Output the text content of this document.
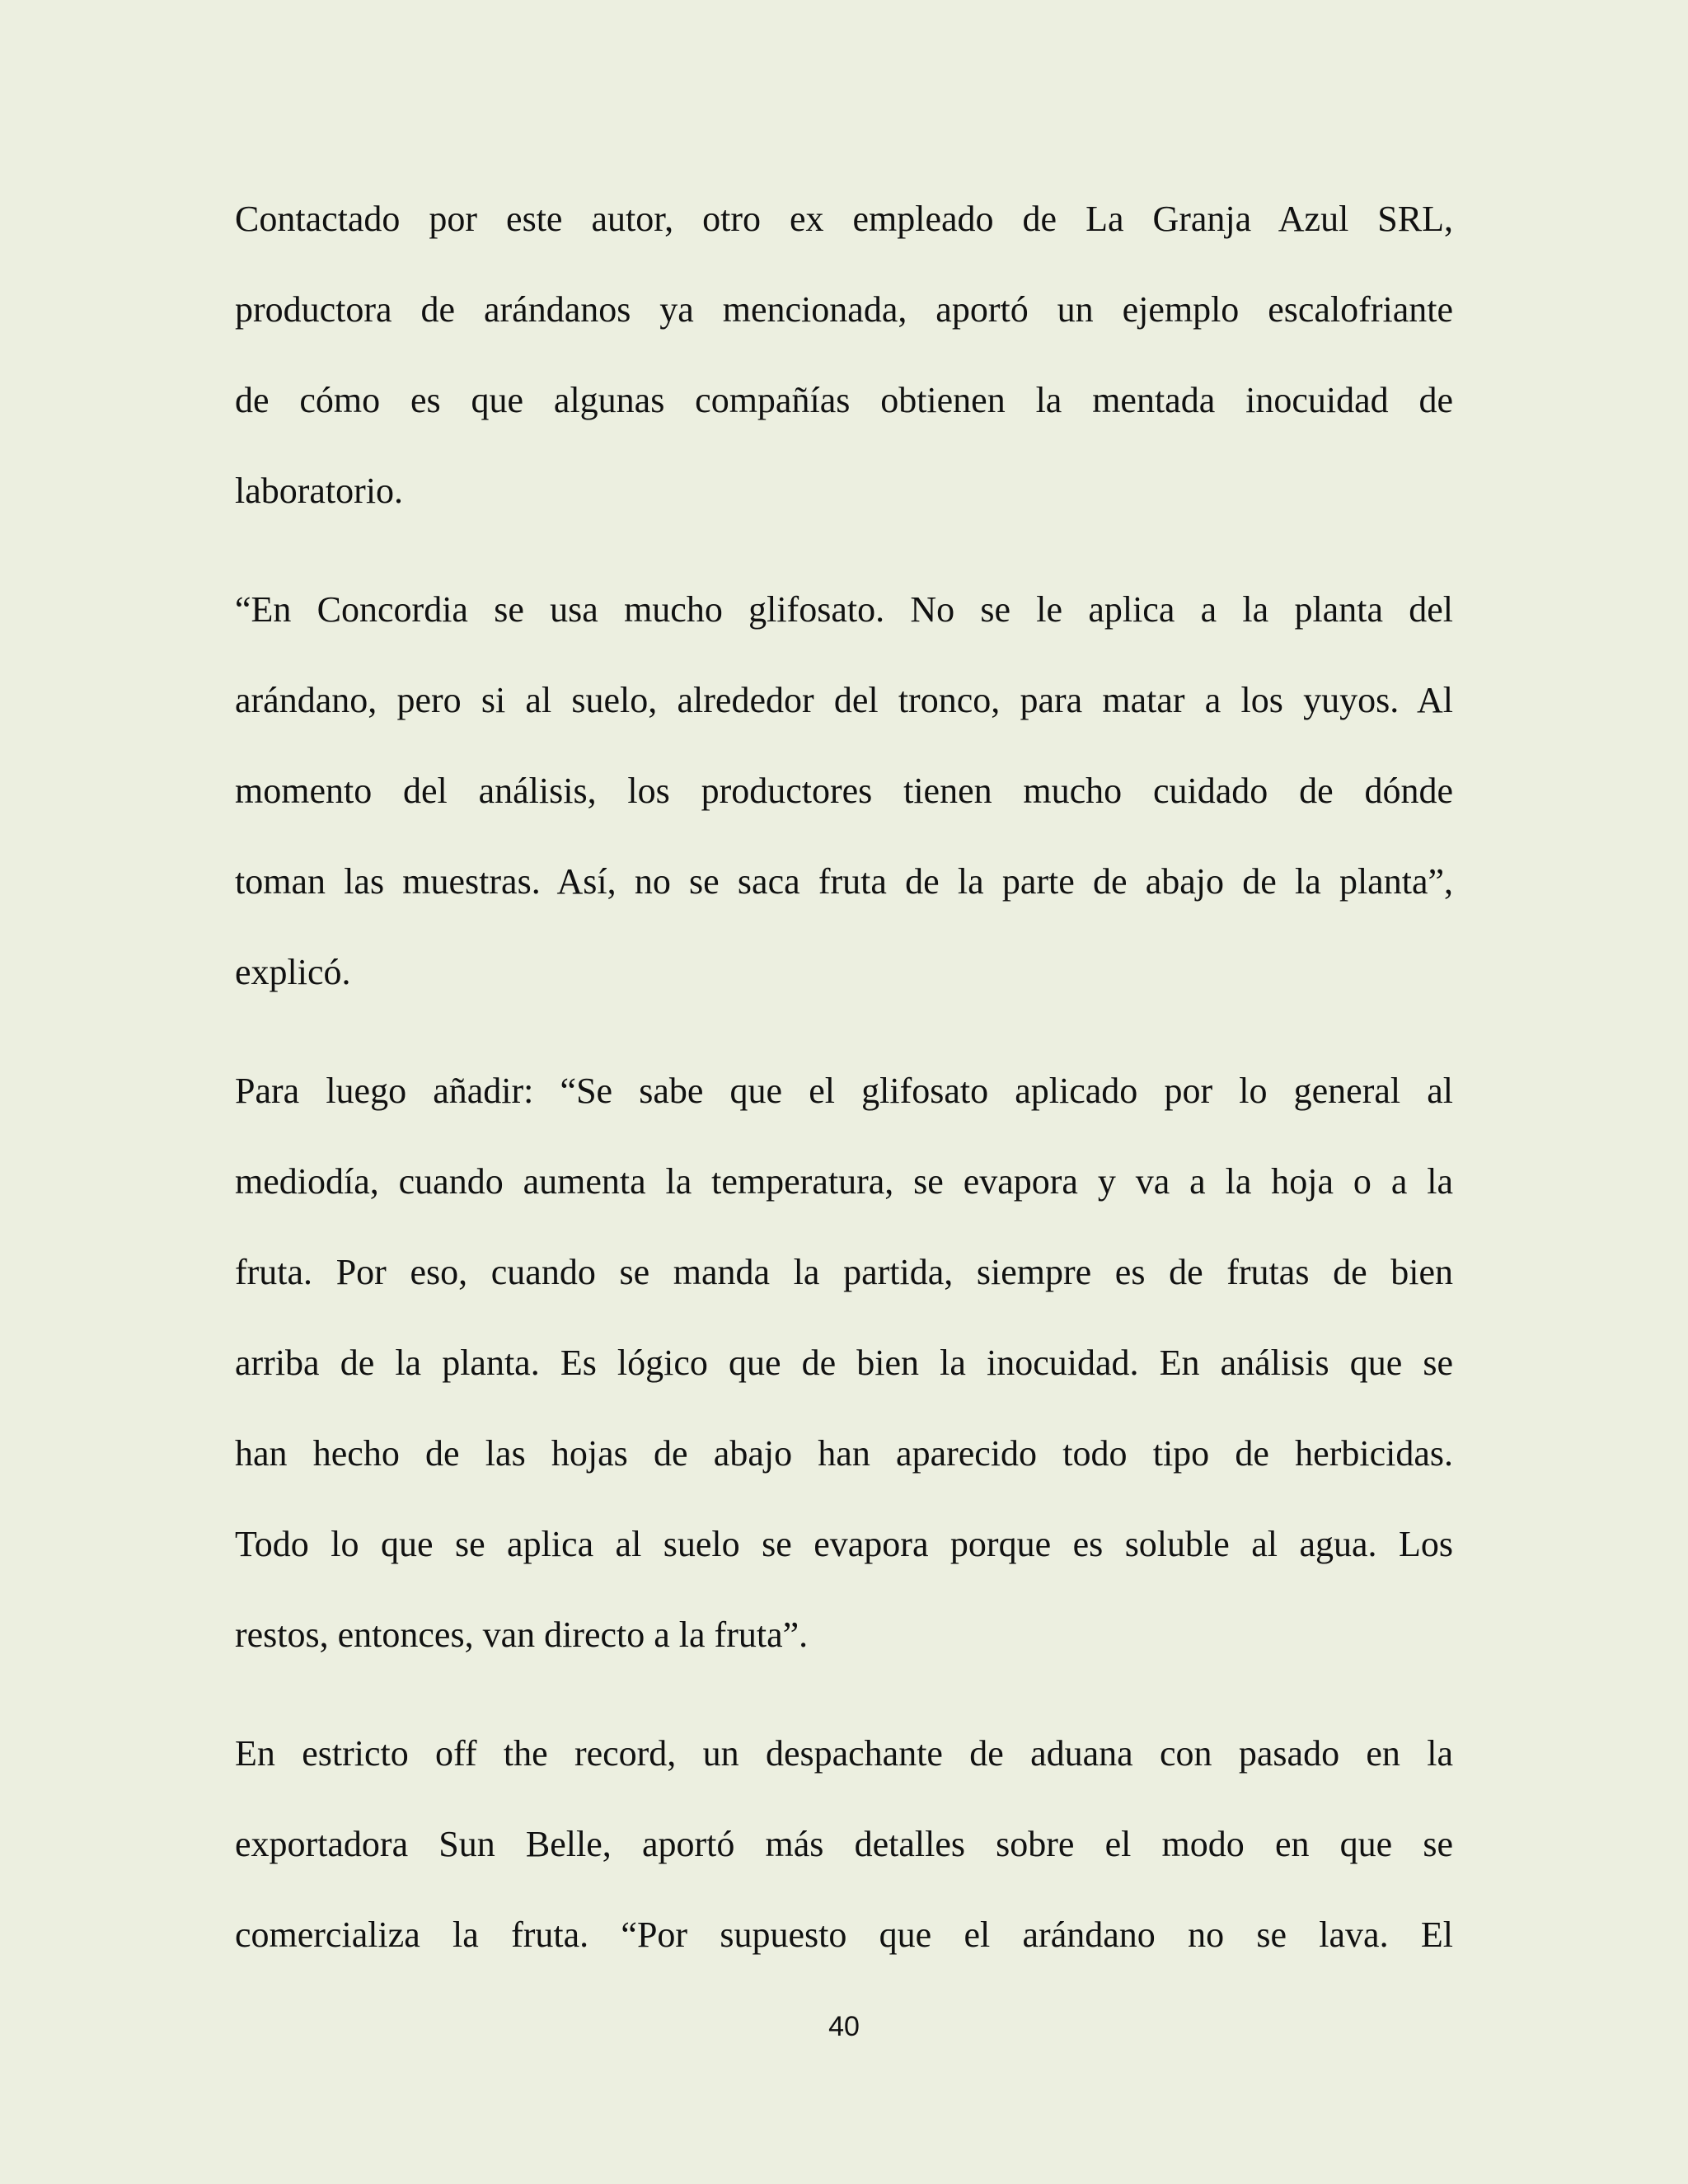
Contactado por este autor, otro ex empleado de La Granja Azul SRL,
productora de arándanos ya mencionada, aportó un ejemplo escalofriante
de cómo es que algunas compañías obtienen la mentada inocuidad de
laboratorio.
“En Concordia se usa mucho glifosato. No se le aplica a la planta del
arándano, pero si al suelo, alrededor del tronco, para matar a los yuyos. Al
momento del análisis, los productores tienen mucho cuidado de dónde
toman las muestras. Así, no se saca fruta de la parte de abajo de la planta”,
explicó.
Para luego añadir: “Se sabe que el glifosato aplicado por lo general al
mediodía, cuando aumenta la temperatura, se evapora y va a la hoja o a la
fruta. Por eso, cuando se manda la partida, siempre es de frutas de bien
arriba de la planta. Es lógico que de bien la inocuidad. En análisis que se
han hecho de las hojas de abajo han aparecido todo tipo de herbicidas.
Todo lo que se aplica al suelo se evapora porque es soluble al agua. Los
restos, entonces, van directo a la fruta”.
En estricto off the record, un despachante de aduana con pasado en la
exportadora Sun Belle, aportó más detalles sobre el modo en que se
comercializa la fruta. “Por supuesto que el arándano no se lava. El
40
